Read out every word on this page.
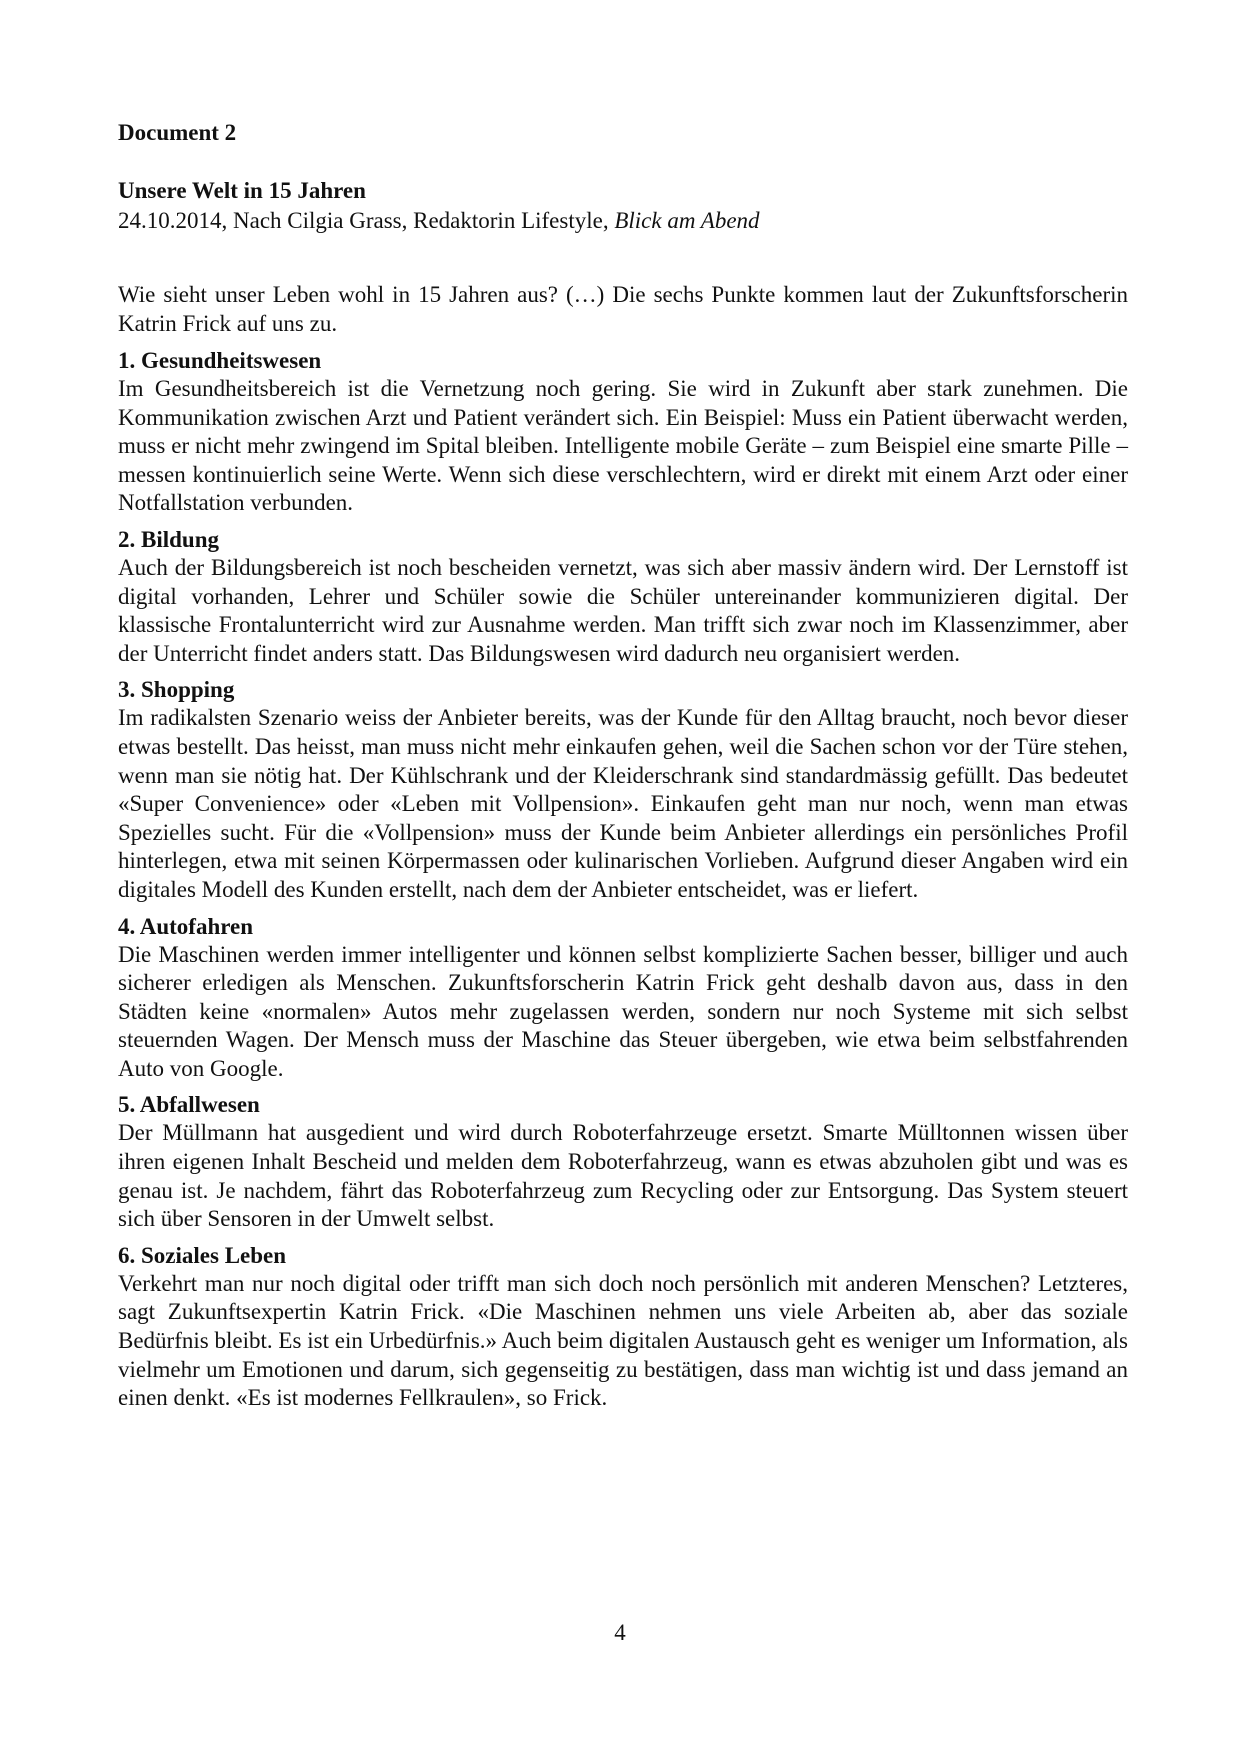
Document 2

Unsere Welt in 15 Jahren

24.10.2014, Nach Cilgia Grass, Redaktorin Lifestyle, Blick am Abend

Wie sieht unser Leben wohl in 15 Jahren aus? (…) Die sechs Punkte kommen laut der Zukunftsforscherin Katrin Frick auf uns zu.

1. Gesundheitswesen

Im Gesundheitsbereich ist die Vernetzung noch gering. Sie wird in Zukunft aber stark zunehmen. Die Kommunikation zwischen Arzt und Patient verändert sich. Ein Beispiel: Muss ein Patient überwacht werden, muss er nicht mehr zwingend im Spital bleiben. Intelligente mobile Geräte – zum Beispiel eine smarte Pille – messen kontinuierlich seine Werte. Wenn sich diese verschlechtern, wird er direkt mit einem Arzt oder einer Notfallstation verbunden.

2. Bildung

Auch der Bildungsbereich ist noch bescheiden vernetzt, was sich aber massiv ändern wird. Der Lernstoff ist digital vorhanden, Lehrer und Schüler sowie die Schüler untereinander kommunizieren digital. Der klassische Frontalunterricht wird zur Ausnahme werden. Man trifft sich zwar noch im Klassenzimmer, aber der Unterricht findet anders statt. Das Bildungswesen wird dadurch neu organisiert werden.

3. Shopping

Im radikalsten Szenario weiss der Anbieter bereits, was der Kunde für den Alltag braucht, noch bevor dieser etwas bestellt. Das heisst, man muss nicht mehr einkaufen gehen, weil die Sachen schon vor der Türe stehen, wenn man sie nötig hat. Der Kühlschrank und der Kleiderschrank sind standardmässig gefüllt. Das bedeutet «Super Convenience» oder «Leben mit Vollpension». Einkaufen geht man nur noch, wenn man etwas Spezielles sucht. Für die «Vollpension» muss der Kunde beim Anbieter allerdings ein persönliches Profil hinterlegen, etwa mit seinen Körpermassen oder kulinarischen Vorlieben. Aufgrund dieser Angaben wird ein digitales Modell des Kunden erstellt, nach dem der Anbieter entscheidet, was er liefert.

4. Autofahren

Die Maschinen werden immer intelligenter und können selbst komplizierte Sachen besser, billiger und auch sicherer erledigen als Menschen. Zukunftsforscherin Katrin Frick geht deshalb davon aus, dass in den Städten keine «normalen» Autos mehr zugelassen werden, sondern nur noch Systeme mit sich selbst steuernden Wagen. Der Mensch muss der Maschine das Steuer übergeben, wie etwa beim selbstfahrenden Auto von Google.

5. Abfallwesen

Der Müllmann hat ausgedient und wird durch Roboterfahrzeuge ersetzt. Smarte Mülltonnen wissen über ihren eigenen Inhalt Bescheid und melden dem Roboterfahrzeug, wann es etwas abzuholen gibt und was es genau ist. Je nachdem, fährt das Roboterfahrzeug zum Recycling oder zur Entsorgung. Das System steuert sich über Sensoren in der Umwelt selbst.

6. Soziales Leben

Verkehrt man nur noch digital oder trifft man sich doch noch persönlich mit anderen Menschen? Letzteres, sagt Zukunftsexpertin Katrin Frick. «Die Maschinen nehmen uns viele Arbeiten ab, aber das soziale Bedürfnis bleibt. Es ist ein Urbedürfnis.» Auch beim digitalen Austausch geht es weniger um Information, als vielmehr um Emotionen und darum, sich gegenseitig zu bestätigen, dass man wichtig ist und dass jemand an einen denkt. «Es ist modernes Fellkraulen», so Frick.

4
